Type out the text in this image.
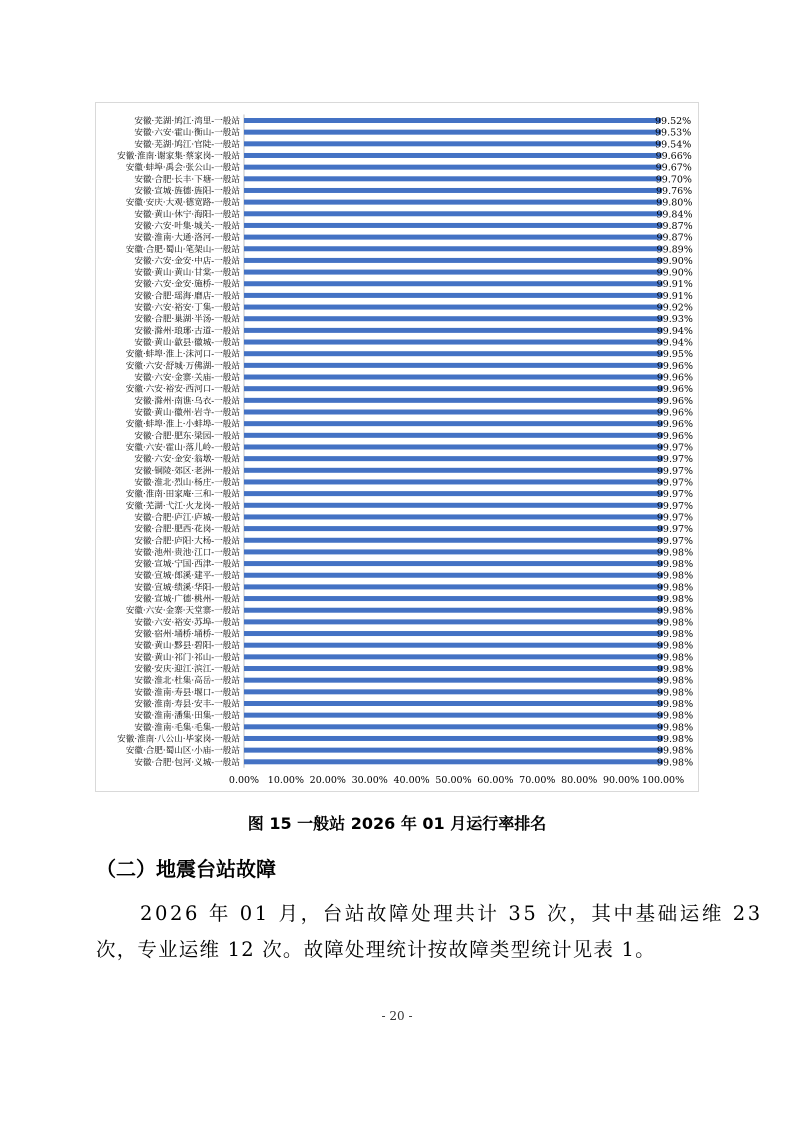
安徽·芜湖·鸠江·湾里-一般站	99.52%
安徽·六安·霍山·衡山-一般站	99.53%
安徽·芜湖·鸠江·官陡-一般站	99.54%
安徽·淮南·谢家集·蔡家岗-一般站	99.66%
安徽·蚌埠·禹会·张公山-一般站	99.67%
安徽·合肥·长丰·下塘-一般站	99.70%
安徽·宣城·旌德·旌阳-一般站	99.76%
安徽·安庆·大观·德宽路-一般站	99.80%
安徽·黄山·休宁·海阳-一般站	99.84%
安徽·六安·叶集·城关-一般站	99.87%
安徽·淮南·大通·洛河-一般站	99.87%
安徽·合肥·蜀山·笔架山-一般站	99.89%
安徽·六安·金安·中店-一般站	99.90%
安徽·黄山·黄山·甘棠-一般站	99.90%
安徽·六安·金安·施桥-一般站	99.91%
安徽·合肥·瑶海·磨店-一般站	99.91%
安徽·六安·裕安·丁集-一般站	99.92%
安徽·合肥·巢湖·半汤-一般站	99.93%
安徽·滁州·琅琊·古道-一般站	99.94%
安徽·黄山·歙县·徽城-一般站	99.94%
安徽·蚌埠·淮上·沫河口-一般站	99.95%
安徽·六安·舒城·万佛湖-一般站	99.96%
安徽·六安·金寨·关庙-一般站	99.96%
安徽·六安·裕安·西河口-一般站	99.96%
安徽·滁州·南谯·乌衣-一般站	99.96%
安徽·黄山·徽州·岩寺-一般站	99.96%
安徽·蚌埠·淮上·小蚌埠-一般站	99.96%
安徽·合肥·肥东·梁园-一般站	99.96%
安徽·六安·霍山·落儿岭-一般站	99.97%
安徽·六安·金安·翁墩-一般站	99.97%
安徽·铜陵·郊区·老洲-一般站	99.97%
安徽·淮北·烈山·杨庄-一般站	99.97%
安徽·淮南·田家庵·三和-一般站	99.97%
安徽·芜湖·弋江·火龙岗-一般站	99.97%
安徽·合肥·庐江·庐城-一般站	99.97%
安徽·合肥·肥西·花岗-一般站	99.97%
安徽·合肥·庐阳·大杨-一般站	99.97%
安徽·池州·贵池·江口-一般站	99.98%
安徽·宣城·宁国·西津-一般站	99.98%
安徽·宣城·郎溪·建平-一般站	99.98%
安徽·宣城·绩溪·华阳-一般站	99.98%
安徽·宣城·广德·桃州-一般站	99.98%
安徽·六安·金寨·天堂寨-一般站	99.98%
安徽·六安·裕安·苏埠-一般站	99.98%
安徽·宿州·埇桥·埇桥-一般站	99.98%
安徽·黄山·黟县·碧阳-一般站	99.98%
安徽·黄山·祁门·祁山-一般站	99.98%
安徽·安庆·迎江·滨江-一般站	99.98%
安徽·淮北·杜集·高岳-一般站	99.98%
安徽·淮南·寿县·堰口-一般站	99.98%
安徽·淮南·寿县·安丰-一般站	99.98%
安徽·淮南·潘集·田集-一般站	99.98%
安徽·淮南·毛集·毛集-一般站	99.98%
安徽·淮南·八公山·毕家岗-一般站	99.98%
安徽·合肥·蜀山区·小庙-一般站	99.98%
安徽·合肥·包河·义城-一般站	99.98%
0.00% 10.00% 20.00% 30.00% 40.00% 50.00% 60.00% 70.00% 80.00% 90.00% 100.00%
图 15 一般站 2026 年 01 月运行率排名
（二）地震台站故障
2026 年 01 月，台站故障处理共计 35 次，其中基础运维 23
次，专业运维 12 次。故障处理统计按故障类型统计见表 1。
- 20 -
